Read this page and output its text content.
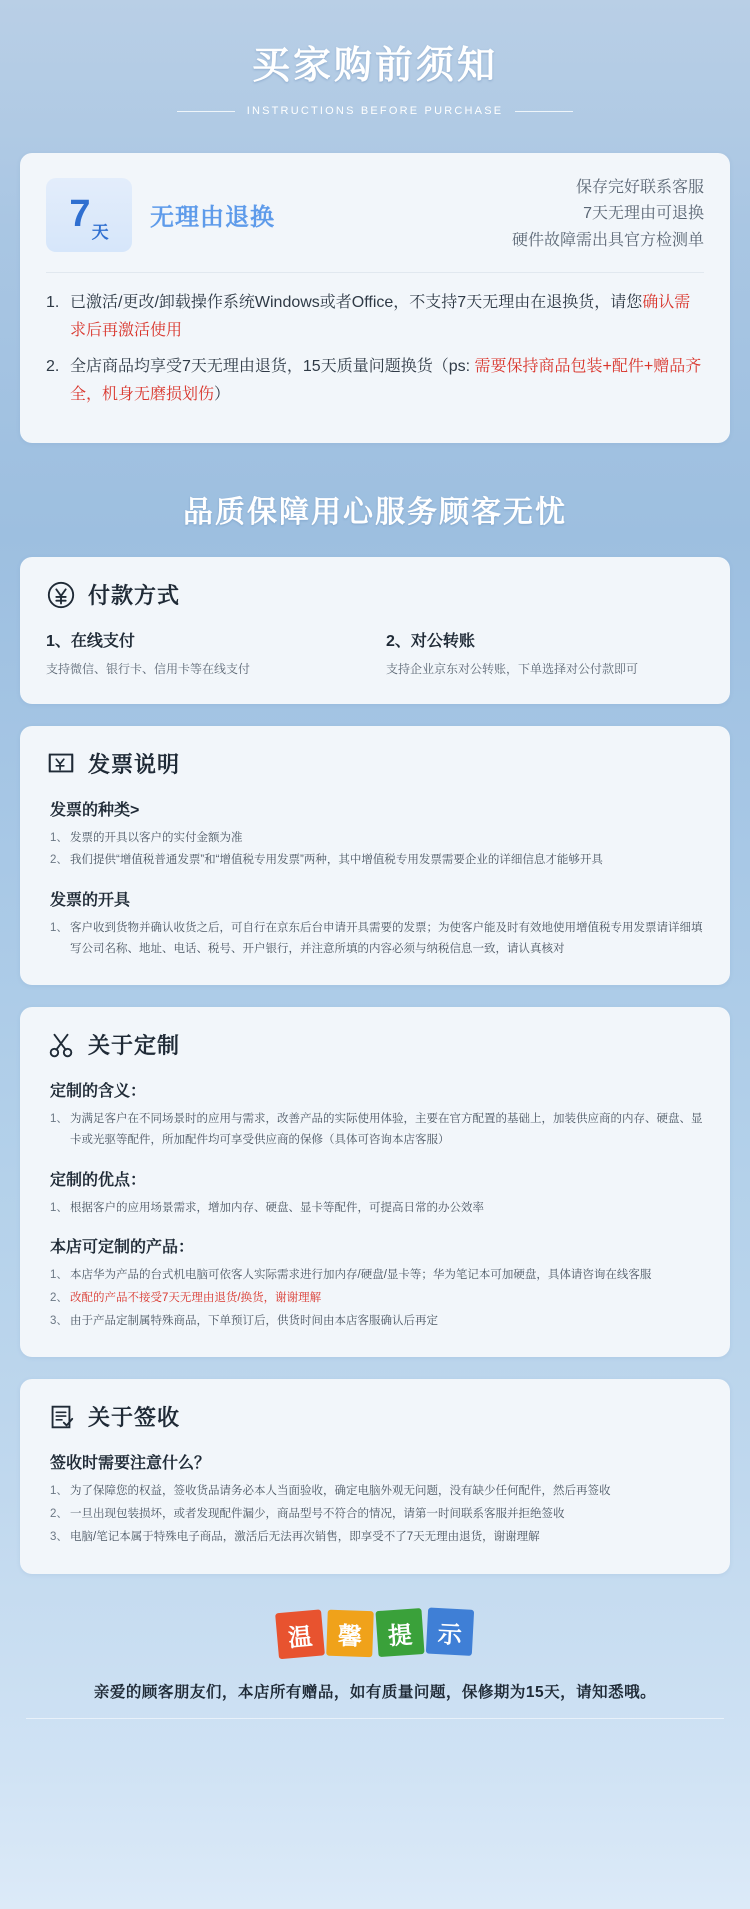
买家购前须知
INSTRUCTIONS BEFORE PURCHASE
7 天
无理由退换
保存完好联系客服
7天无理由可退换
硬件故障需出具官方检测单
1. 已激活/更改/卸载操作系统Windows或者Office，不支持7天无理由在退换货，请您确认需求后再激活使用
2. 全店商品均享受7天无理由退货，15天质量问题换货（ps: 需要保持商品包装+配件+赠品齐全，机身无磨损划伤）
品质保障用心服务顾客无忧
付款方式
1、在线支付

支持微信、银行卡、信用卡等在线支付

2、对公转账

支持企业京东对公转账，下单选择对公付款即可

发票说明
发票的种类>
1、 发票的开具以客户的实付金额为准
2、 我们提供“增值税普通发票”和“增值税专用发票”两种，其中增值税专用发票需要企业的详细信息才能够开具
发票的开具
1、 客户收到货物并确认收货之后，可自行在京东后台申请开具需要的发票；为使客户能及时有效地使用增值税专用发票请详细填写公司名称、地址、电话、税号、开户银行，并注意所填的内容必须与纳税信息一致，请认真核对
关于定制
定制的含义：
1、 为满足客户在不同场景时的应用与需求，改善产品的实际使用体验，主要在官方配置的基础上，加装供应商的内存、硬盘、显卡或光驱等配件，所加配件均可享受供应商的保修（具体可咨询本店客服）
定制的优点：
1、 根据客户的应用场景需求，增加内存、硬盘、显卡等配件，可提高日常的办公效率
本店可定制的产品：
1、 本店华为产品的台式机电脑可依客人实际需求进行加内存/硬盘/显卡等；华为笔记本可加硬盘，具体请咨询在线客服
2、 改配的产品不接受7天无理由退货/换货，谢谢理解
3、 由于产品定制属特殊商品，下单预订后，供货时间由本店客服确认后再定
关于签收
签收时需要注意什么？
1、 为了保障您的权益，签收货品请务必本人当面验收，确定电脑外观无问题，没有缺少任何配件，然后再签收
2、 一旦出现包装损坏，或者发现配件漏少，商品型号不符合的情况，请第一时间联系客服并拒绝签收
3、 电脑/笔记本属于特殊电子商品，激活后无法再次销售，即享受不了7天无理由退货，谢谢理解
温	馨	提	示
亲爱的顾客朋友们，本店所有赠品，如有质量问题，保修期为15天，请知悉哦。
